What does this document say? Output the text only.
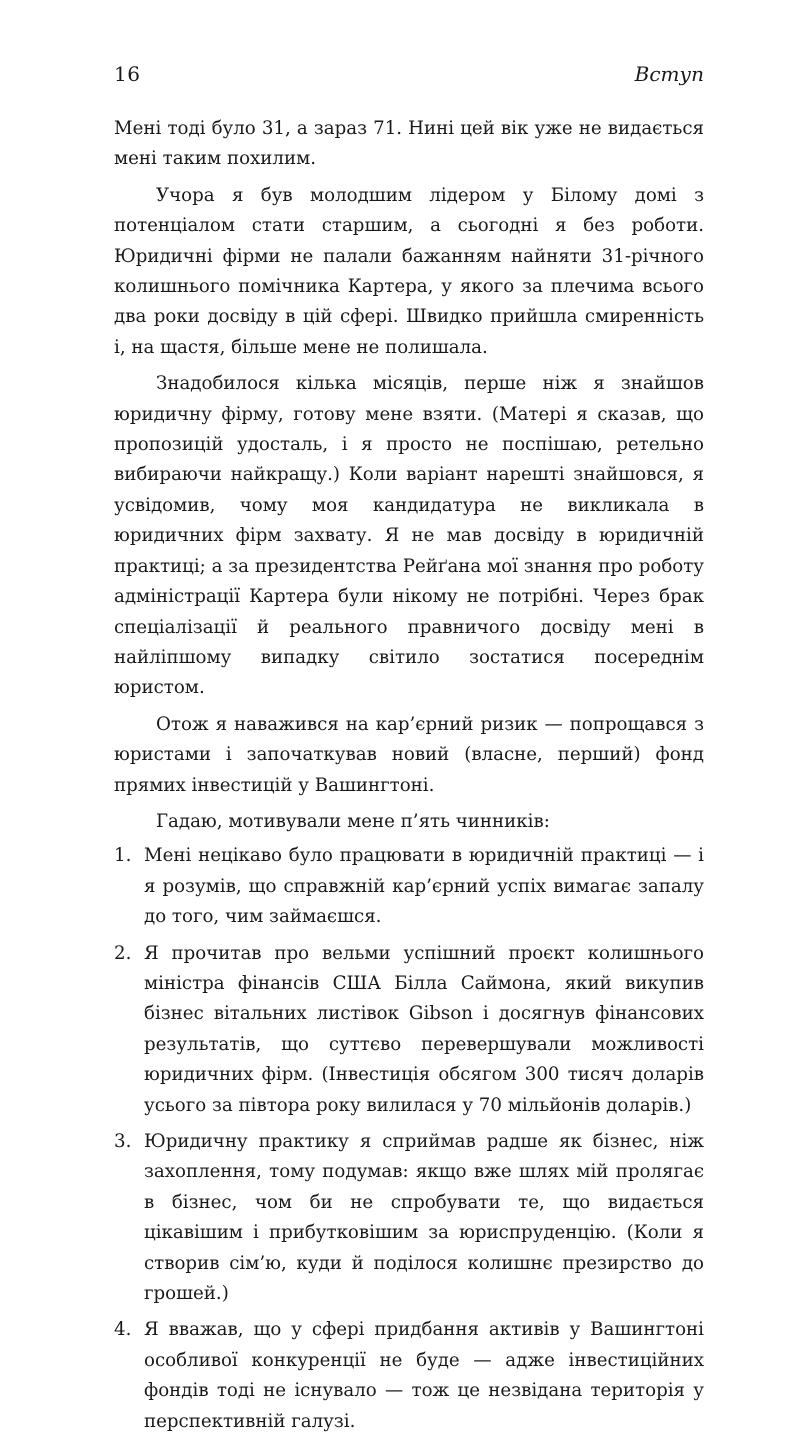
16	Вступ

Мені тоді було 31, а зараз 71. Нині цей вік уже не видається мені таким похилим.

Учора я був молодшим лідером у Білому домі з потенціалом стати старшим, а сьогодні я без роботи. Юридичні фірми не палали бажанням найняти 31-річного колишнього помічника Картера, у якого за плечима всього два роки досвіду в цій сфері. Швидко прийшла смиренність і, на щастя, більше мене не полишала.

Знадобилося кілька місяців, перше ніж я знайшов юридичну фірму, готову мене взяти. (Матері я сказав, що пропозицій удосталь, і я просто не поспішаю, ретельно вибираючи найкращу.) Коли варіант нарешті знайшовся, я усвідомив, чому моя кандидатура не викликала в юридичних фірм захвату. Я не мав досвіду в юридичній практиці; а за президентства Рейґана мої знання про роботу адміністрації Картера були нікому не потрібні. Через брак спеціалізації й реального правничого досвіду мені в найліпшому випадку світило зостатися посереднім юристом.

Отож я наважився на кар’єрний ризик — попрощався з юристами і започаткував новий (власне, перший) фонд прямих інвестицій у Вашингтоні.

Гадаю, мотивували мене п’ять чинників:

1. Мені нецікаво було працювати в юридичній практиці — і я розумів, що справжній кар’єрний успіх вимагає запалу до того, чим займаєшся.
2. Я прочитав про вельми успішний проєкт колишнього міністра фінансів США Білла Саймона, який викупив бізнес вітальних листівок Gibson і досягнув фінансових результатів, що суттєво перевершували можливості юридичних фірм. (Інвестиція обсягом 300 тисяч доларів усього за півтора року вилилася у 70 мільйонів доларів.)
3. Юридичну практику я сприймав радше як бізнес, ніж захоплення, тому подумав: якщо вже шлях мій пролягає в бізнес, чом би не спробувати те, що видається цікавішим і прибутковішим за юриспруденцію. (Коли я створив сім’ю, куди й поділося колишнє презирство до грошей.)
4. Я вважав, що у сфері придбання активів у Вашингтоні особливої конкуренції не буде — адже інвестиційних фондів тоді не існувало — тож це незвідана територія у перспективній галузі.
